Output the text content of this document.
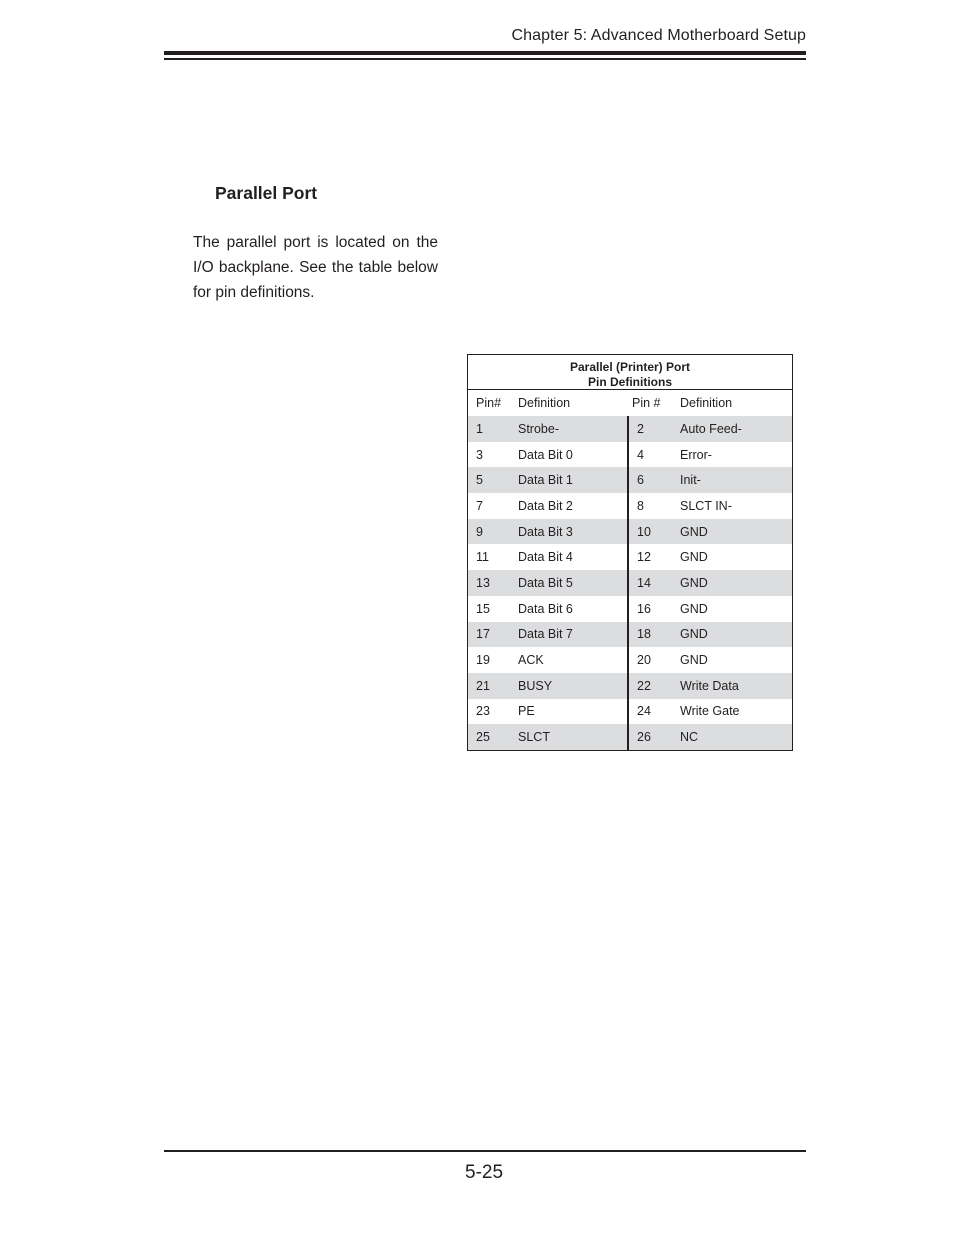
Chapter 5: Advanced Motherboard Setup
Parallel Port
The parallel port is located on the I/O backplane. See the table below for pin definitions.
Parallel (Printer) Port
Pin Definitions
Pin#	Definition	Pin #	Definition
1	Strobe-	2	Auto Feed-
3	Data Bit 0	4	Error-
5	Data Bit 1	6	Init-
7	Data Bit 2	8	SLCT IN-
9	Data Bit 3	10	GND
11	Data Bit 4	12	GND
13	Data Bit 5	14	GND
15	Data Bit 6	16	GND
17	Data Bit 7	18	GND
19	ACK	20	GND
21	BUSY	22	Write Data
23	PE	24	Write Gate
25	SLCT	26	NC
5-25
